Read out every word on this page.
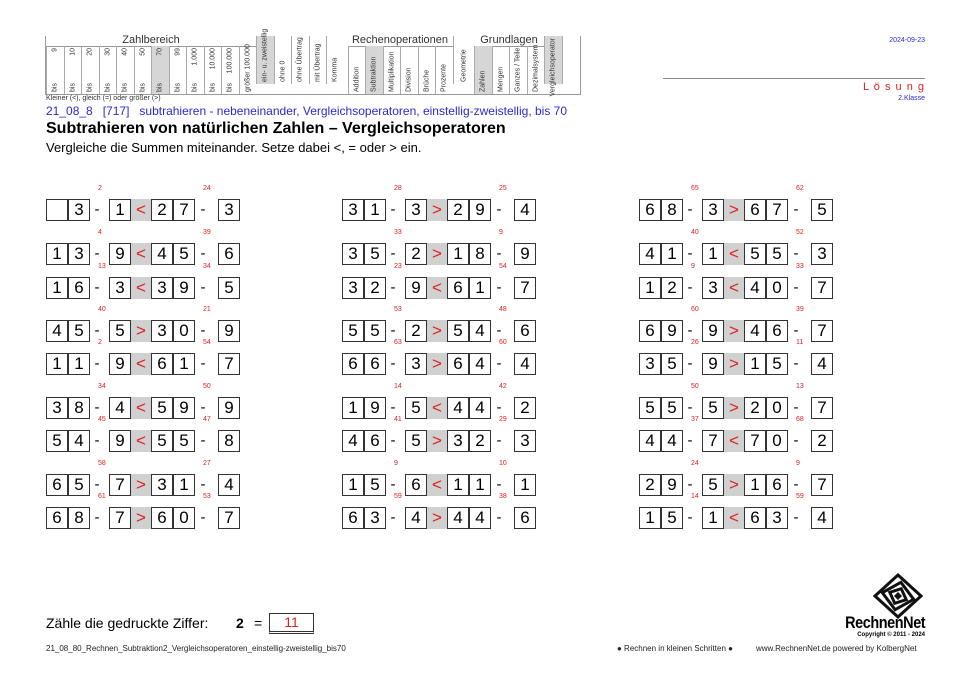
Zahlbereich
bis
9
bis
10
bis
20
bis
30
bis
40
bis
50
bis
70
bis
99
bis
1.000
bis
10.000
bis
100.000 größer 100.000 ein- u. zweistellig ohne 0 ohne Übertrag mit Übertrag Komma
Rechenoperationen
Addition Subtraktion Multiplikation Division Brüche Prozente Geometrie
Grundlagen
Zahlen Mengen Ganzes / Teile Dezimalsystem Vergleichsoperator
Kleiner (<), gleich (=) oder größer (>)
2024-09-23
L ö s u n g
2.Klasse
21_08_8   [717]   subtrahieren - nebeneinander, Vergleichsoperatoren, einstellig-zweistellig, bis 70
Subtrahieren von natürlichen Zahlen – Vergleichsoperatoren
Vergleiche die Summen miteinander. Setze dabei <, = oder > ein.
3 - 1 < 2 7 -	3
2	24
1 3 - 9 < 4 5 -	6
4	39
1 6 - 3 < 3 9 -	5
13	34
4 5 - 5 > 3 0 -	9
40	21
1 1 - 9 < 6 1 -	7
2	54
3 8 - 4 < 5 9 -	9
34	50
5 4 - 9 < 5 5 -	8
45	47
6 5 - 7 > 3 1 -	4
58	27
6 8 - 7 > 6 0 -	7
61	53
3 1 - 3 > 2 9 -	4
28	25
3 5 - 2 > 1 8 -	9
33	9
3 2 - 9 < 6 1 -	7
23	54
5 5 - 2 > 5 4 -	6
53	48
6 6 - 3 > 6 4 -	4
63	60
1 9 - 5 < 4 4 -	2
14	42
4 6 - 5 > 3 2 -	3
41	29
1 5 - 6 < 1 1 -	1
9	10
6 3 - 4 > 4 4 -	6
59	38
6 8 - 3 > 6 7 -	5
65	62
4 1 - 1 < 5 5 -	3
40	52
1 2 - 3 < 4 0 -	7
9	33
6 9 - 9 > 4 6 -	7
60	39
3 5 - 9 > 1 5 -	4
26	11
5 5 - 5 > 2 0 -	7
50	13
4 4 - 7 < 7 0 -	2
37	68
2 9 - 5 > 1 6 -	7
24	9
1 5 - 1 < 6 3 -	4
14	59
Zähle die gedruckte Ziffer: 2 =	11
21_08_80_Rechnen_Subtraktion2_Vergleichsoperatoren_einstellig-zweistellig_bis70	● Rechnen in kleinen Schritten ●	www.RechnenNet.de powered by KolbergNet
RechnenNet
Copyright © 2011 - 2024
